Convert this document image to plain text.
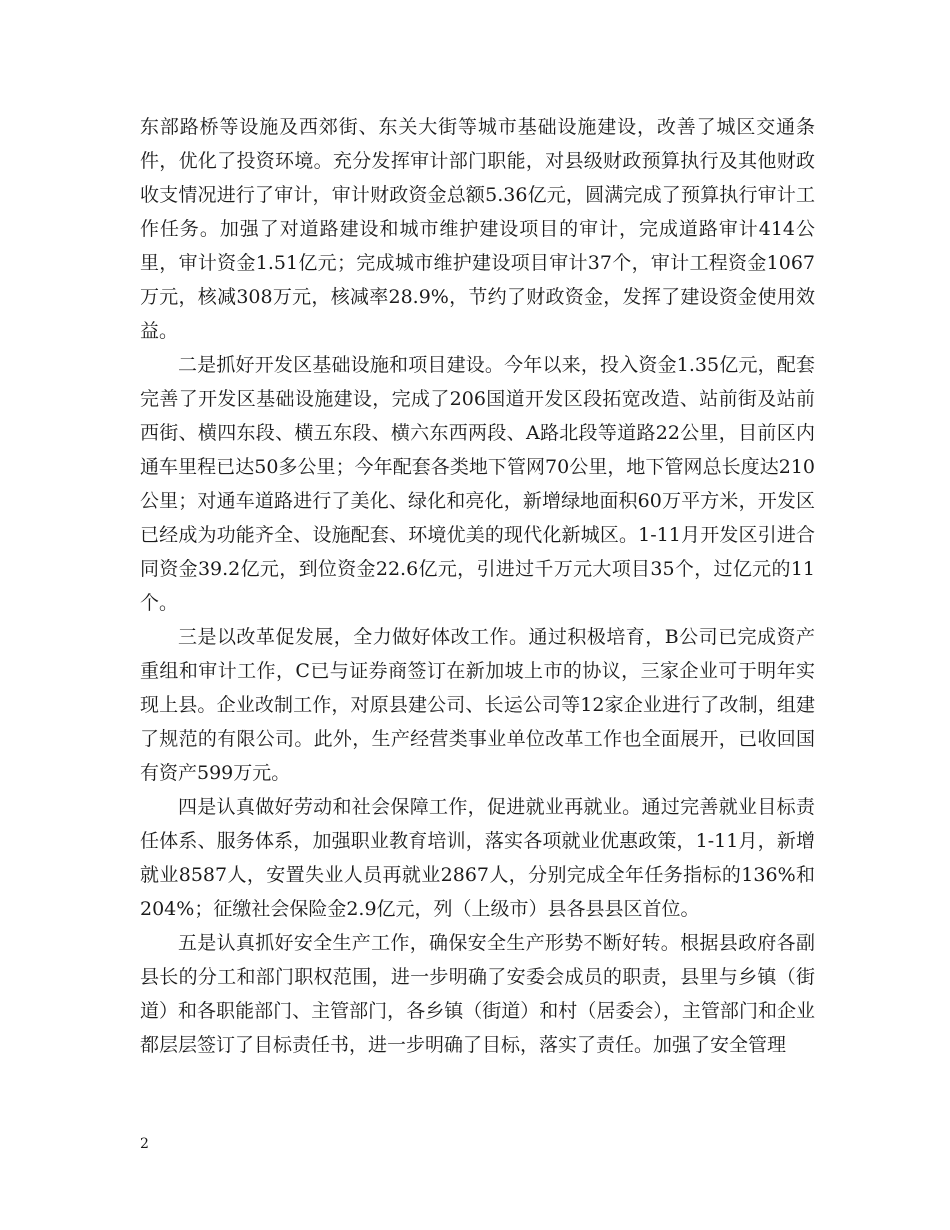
东部路桥等设施及西郊街、东关大街等城市基础设施建设，改善了城区交通条件，优化了投资环境。充分发挥审计部门职能，对县级财政预算执行及其他财政收支情况进行了审计，审计财政资金总额5.36亿元，圆满完成了预算执行审计工作任务。加强了对道路建设和城市维护建设项目的审计，完成道路审计414公里，审计资金1.51亿元；完成城市维护建设项目审计37个，审计工程资金1067万元，核减308万元，核减率28.9%，节约了财政资金，发挥了建设资金使用效益。

二是抓好开发区基础设施和项目建设。今年以来，投入资金1.35亿元，配套完善了开发区基础设施建设，完成了206国道开发区段拓宽改造、站前街及站前西街、横四东段、横五东段、横六东西两段、A路北段等道路22公里，目前区内通车里程已达50多公里；今年配套各类地下管网70公里，地下管网总长度达210公里；对通车道路进行了美化、绿化和亮化，新增绿地面积60万平方米，开发区已经成为功能齐全、设施配套、环境优美的现代化新城区。1-11月开发区引进合同资金39.2亿元，到位资金22.6亿元，引进过千万元大项目35个，过亿元的11个。

三是以改革促发展，全力做好体改工作。通过积极培育，B公司已完成资产重组和审计工作，C已与证券商签订在新加坡上市的协议，三家企业可于明年实现上县。企业改制工作，对原县建公司、长运公司等12家企业进行了改制，组建了规范的有限公司。此外，生产经营类事业单位改革工作也全面展开，已收回国有资产599万元。

四是认真做好劳动和社会保障工作，促进就业再就业。通过完善就业目标责任体系、服务体系，加强职业教育培训，落实各项就业优惠政策，1-11月，新增就业8587人，安置失业人员再就业2867人，分别完成全年任务指标的136%和204%；征缴社会保险金2.9亿元，列（上级市）县各县县区首位。

五是认真抓好安全生产工作，确保安全生产形势不断好转。根据县政府各副县长的分工和部门职权范围，进一步明确了安委会成员的职责，县里与乡镇（街道）和各职能部门、主管部门，各乡镇（街道）和村（居委会），主管部门和企业都层层签订了目标责任书，进一步明确了目标，落实了责任。加强了安全管理

2
